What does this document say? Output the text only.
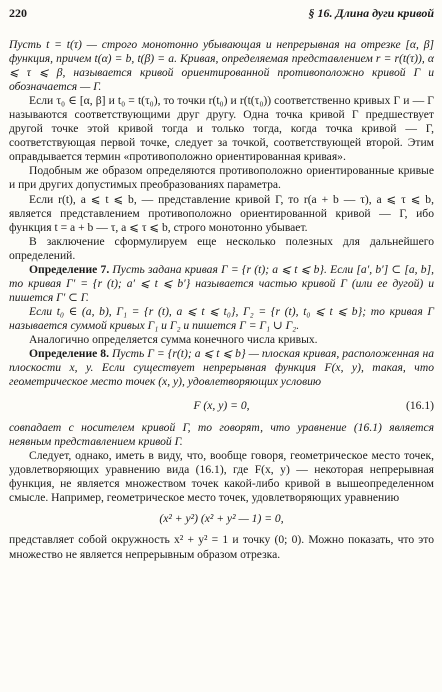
220	§ 16. Длина дуги кривой

Пусть t = t(τ) — строго монотонно убывающая и непрерывная на отрезке [α, β] функция, причем t(α) = b, t(β) = a. Кривая, определяемая представлением r = r(t(τ)), α ⩽ τ ⩽ β, называется кривой ориентированной противоположно кривой Γ и обозначается — Γ.

Если τ₀ ∈ [α, β] и t₀ = t(τ₀), то точки r(t₀) и r(t(τ₀)) соответственно кривых Γ и — Γ называются соответствующими друг другу. Одна точка кривой Γ предшествует другой точке этой кривой тогда и только тогда, когда точка кривой — Γ, соответствующая первой точке, следует за точкой, соответствующей второй. Этим оправдывается термин «противоположно ориентированная кривая».

Подобным же образом определяются противоположно ориентированные кривые и при других допустимых преобразованиях параметра.

Если r(t), a ⩽ t ⩽ b, — представление кривой Γ, то r(a + b — τ), a ⩽ τ ⩽ b, является представлением противоположно ориентированной кривой — Γ, ибо функция t = a + b — τ, a ⩽ τ ⩽ b, строго монотонно убывает.

В заключение сформулируем еще несколько полезных для дальнейшего определений.

Определение 7. Пусть задана кривая Γ = {r (t); a ⩽ t ⩽ b}. Если [a′, b′] ⊂ [a, b], то кривая Γ′ = {r (t); a′ ⩽ t ⩽ b′} называется частью кривой Γ (или ее дугой) и пишется Γ′ ⊂ Γ.

Если t₀ ∈ (a, b), Γ₁ = {r (t), a ⩽ t ⩽ t₀}, Γ₂ = {r (t), t₀ ⩽ t ⩽ b}; то кривая Γ называется суммой кривых Γ₁ и Γ₂ и пишется Γ = Γ₁ ∪ Γ₂.

Аналогично определяется сумма конечного числа кривых.

Определение 8. Пусть Γ = {r(t); a ⩽ t ⩽ b} — плоская кривая, расположенная на плоскости x, y. Если существует непрерывная функция F(x, y), такая, что геометрическое место точек (x, y), удовлетворяющих условию

F (x, y) = 0,	(16.1)

совпадает с носителем кривой Γ, то говорят, что уравнение (16.1) является неявным представлением кривой Γ.

Следует, однако, иметь в виду, что, вообще говоря, геометрическое место точек, удовлетворяющих уравнению вида (16.1), где F(x, y) — некоторая непрерывная функция, не является множеством точек какой-либо кривой в вышеопределенном смысле. Например, геометрическое место точек, удовлетворяющих уравнению

(x² + y²) (x² + y² — 1) = 0,

представляет собой окружность x² + y² = 1 и точку (0; 0). Можно показать, что это множество не является непрерывным образом отрезка.
